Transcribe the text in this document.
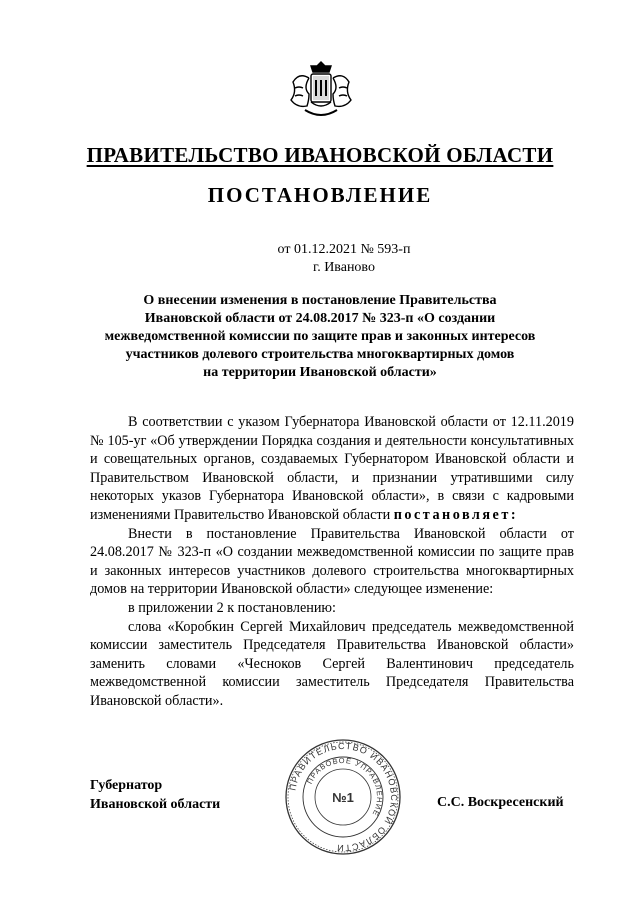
ПРАВИТЕЛЬСТВО ИВАНОВСКОЙ ОБЛАСТИ
ПОСТАНОВЛЕНИЕ
от 01.12.2021 № 593-п
г. Иваново
О внесении изменения в постановление Правительства
Ивановской области от 24.08.2017 № 323-п «О создании
межведомственной комиссии по защите прав и законных интересов
участников долевого строительства многоквартирных домов
на территории Ивановской области»

В соответствии с указом Губернатора Ивановской области от 12.11.2019 № 105-уг «Об утверждении Порядка создания и деятельности консультативных и совещательных органов, создаваемых Губернатором Ивановской области и Правительством Ивановской области, и признании утратившими силу некоторых указов Губернатора Ивановской области», в связи с кадровыми изменениями Правительство Ивановской области постановляет:

Внести в постановление Правительства Ивановской области от 24.08.2017 № 323-п «О создании межведомственной комиссии по защите прав и законных интересов участников долевого строительства многоквартирных домов на территории Ивановской области» следующее изменение:

в приложении 2 к постановлению:

слова «Коробкин Сергей Михайлович председатель межведомственной комиссии заместитель Председателя Правительства Ивановской области» заменить словами «Чесноков Сергей Валентинович председатель межведомственной комиссии заместитель Председателя Правительства Ивановской области».

Губернатор
Ивановской области	С.С. Воскресенский
ПРАВИТЕЛЬСТВО ИВАНОВСКОЙ ОБЛАСТИ
ПРАВОВОЕ УПРАВЛЕНИЕ
№1
